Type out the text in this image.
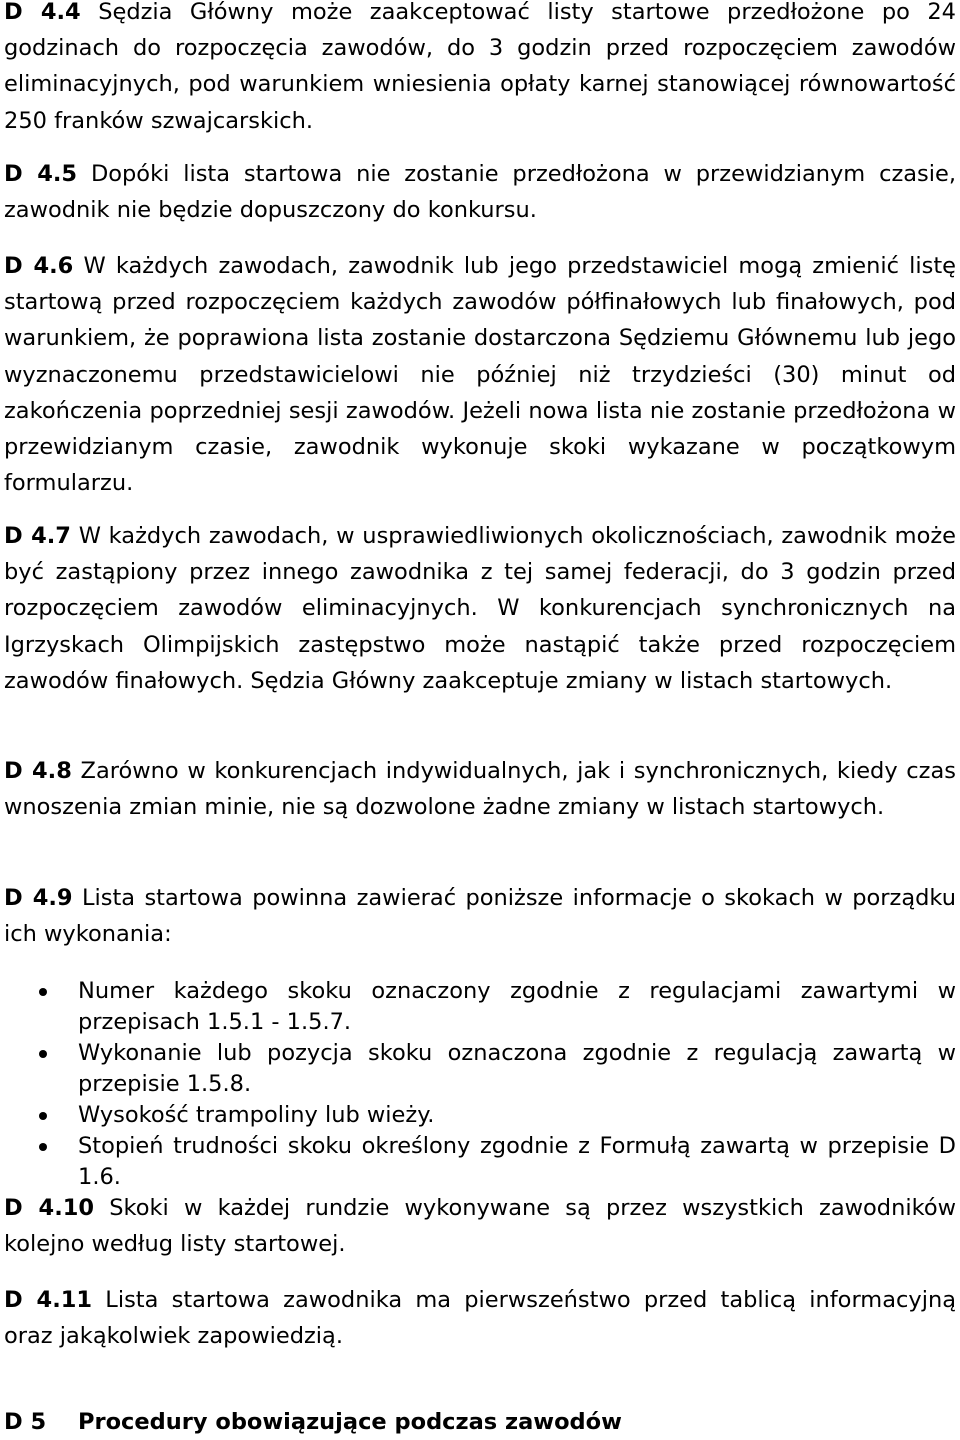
D 4.4 Sędzia Główny może zaakceptować listy startowe przedłożone po 24 godzinach do rozpoczęcia zawodów, do 3 godzin przed rozpoczęciem zawodów eliminacyjnych, pod warunkiem wniesienia opłaty karnej stanowiącej równowartość 250 franków szwajcarskich.

D 4.5 Dopóki lista startowa nie zostanie przedłożona w przewidzianym czasie, zawodnik nie będzie dopuszczony do konkursu.

D 4.6 W każdych zawodach, zawodnik lub jego przedstawiciel mogą zmienić listę startową przed rozpoczęciem każdych zawodów półfinałowych lub finałowych, pod warunkiem, że poprawiona lista zostanie dostarczona Sędziemu Głównemu lub jego wyznaczonemu przedstawicielowi nie później niż trzydzieści (30) minut od zakończenia poprzedniej sesji zawodów. Jeżeli nowa lista nie zostanie przedłożona w przewidzianym czasie, zawodnik wykonuje skoki wykazane w początkowym formularzu.

D 4.7 W każdych zawodach, w usprawiedliwionych okolicznościach, zawodnik może być zastąpiony przez innego zawodnika z tej samej federacji, do 3 godzin przed rozpoczęciem zawodów eliminacyjnych. W konkurencjach synchronicznych na Igrzyskach Olimpijskich zastępstwo może nastąpić także przed rozpoczęciem zawodów finałowych. Sędzia Główny zaakceptuje zmiany w listach startowych.

D 4.8 Zarówno w konkurencjach indywidualnych, jak i synchronicznych, kiedy czas wnoszenia zmian minie, nie są dozwolone żadne zmiany w listach startowych.

D 4.9 Lista startowa powinna zawierać poniższe informacje o skokach w porządku ich wykonania:

Numer każdego skoku oznaczony zgodnie z regulacjami zawartymi w przepisach 1.5.1 - 1.5.7.
Wykonanie lub pozycja skoku oznaczona zgodnie z regulacją zawartą w przepisie 1.5.8.
Wysokość trampoliny lub wieży.
Stopień trudności skoku określony zgodnie z Formułą zawartą w przepisie D 1.6.

D 4.10 Skoki w każdej rundzie wykonywane są przez wszystkich zawodników kolejno według listy startowej.

D 4.11 Lista startowa zawodnika ma pierwszeństwo przed tablicą informacyjną oraz jakąkolwiek zapowiedzią.

D 5 Procedury obowiązujące podczas zawodów
